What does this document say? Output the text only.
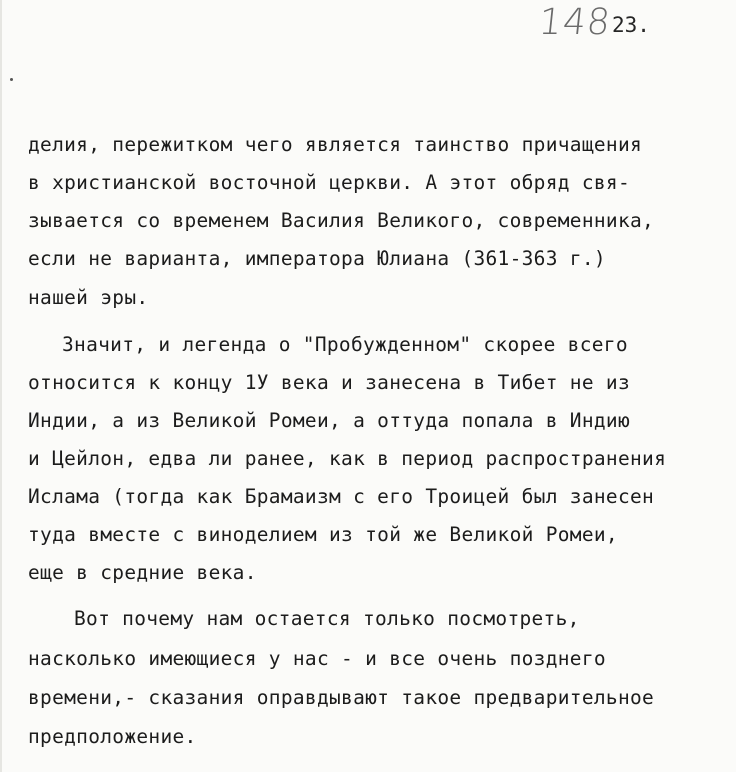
148 23.
делия, пережитком чего является таинство причащения
в христианской восточной церкви. А этот обряд свя-
зывается со временем Василия Великого, современника,
если не варианта, императора Юлиана (361-363 г.)
нашей эры.
Значит, и легенда о "Пробужденном" скорее всего
относится к концу 1У века и занесена в Тибет не из
Индии, а из Великой Ромеи, а оттуда попала в Индию
и Цейлон, едва ли ранее, как в период распространения
Ислама (тогда как Брамаизм с его Троицей был занесен
туда вместе с виноделием из той же Великой Ромеи,
еще в средние века.
Вот почему нам остается только посмотреть,
насколько имеющиеся у нас - и все очень позднего
времени,- сказания оправдывают такое предварительное
предположение.
